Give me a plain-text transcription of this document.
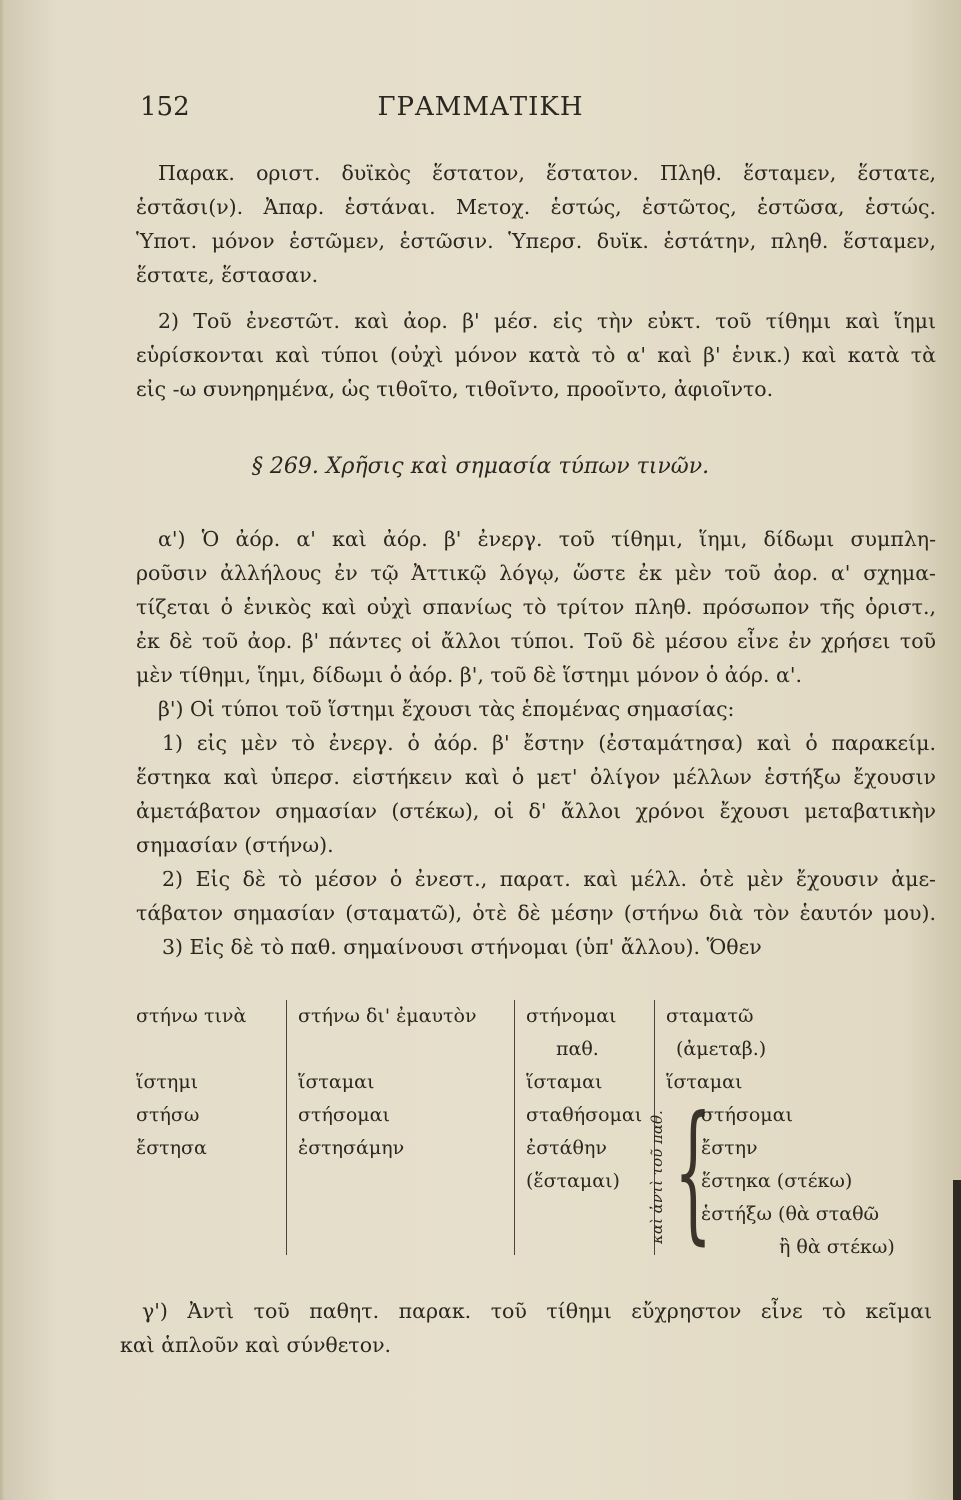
ΓΡΑΜΜΑΤΙΚΗ
152
Παρακ. οριστ. δυϊκὸς ἕστατον, ἕστατον. Πληθ. ἕσταμεν, ἕστατε,
ἑστᾶσι(ν). Ἀπαρ. ἑστάναι. Μετοχ. ἑστώς, ἑστῶτος, ἑστῶσα, ἑστώς.
Ὑποτ. μόνον ἑστῶμεν, ἑστῶσιν. Ὑπερσ. δυϊκ. ἑστάτην, πληθ. ἕσταμεν,
ἕστατε, ἕστασαν.
2) Τοῦ ἐνεστῶτ. καὶ ἀορ. β' μέσ. εἰς τὴν εὐκτ. τοῦ τίθημι καὶ ἵημι
εὑρίσκονται καὶ τύποι (οὐχὶ μόνον κατὰ τὸ α' καὶ β' ἑνικ.) καὶ κατὰ τὰ
εἰς -ω συνηρημένα, ὡς τιθοῖτο, τιθοῖντο, προοῖντο, ἀφιοῖντο.
§ 269. Χρῆσις καὶ σημασία τύπων τινῶν.
α') Ὁ ἀόρ. α' καὶ ἀόρ. β' ἐνεργ. τοῦ τίθημι, ἵημι, δίδωμι συμπλη-
ροῦσιν ἀλλήλους ἐν τῷ Ἀττικῷ λόγῳ, ὥστε ἐκ μὲν τοῦ ἀορ. α' σχημα-
τίζεται ὁ ἑνικὸς καὶ οὐχὶ σπανίως τὸ τρίτον πληθ. πρόσωπον τῆς ὁριστ.,
ἐκ δὲ τοῦ ἀορ. β' πάντες οἱ ἄλλοι τύποι. Τοῦ δὲ μέσου εἶνε ἐν χρήσει τοῦ
μὲν τίθημι, ἵημι, δίδωμι ὁ ἀόρ. β', τοῦ δὲ ἵστημι μόνον ὁ ἀόρ. α'.
β') Οἱ τύποι τοῦ ἵστημι ἔχουσι τὰς ἑπομένας σημασίας:
1) εἰς μὲν τὸ ἐνεργ. ὁ ἀόρ. β' ἔστην (ἐσταμάτησα) καὶ ὁ παρακείμ.
ἕστηκα καὶ ὑπερσ. εἱστήκειν καὶ ὁ μετ' ὀλίγον μέλλων ἑστήξω ἔχουσιν
ἀμετάβατον σημασίαν (στέκω), οἱ δ' ἄλλοι χρόνοι ἔχουσι μεταβατικὴν
σημασίαν (στήνω).
2) Εἰς δὲ τὸ μέσον ὁ ἐνεστ., παρατ. καὶ μέλλ. ὁτὲ μὲν ἔχουσιν ἀμε-
τάβατον σημασίαν (σταματῶ), ὁτὲ δὲ μέσην (στήνω διὰ τὸν ἑαυτόν μου).
3) Εἰς δὲ τὸ παθ. σημαίνουσι στήνομαι (ὑπ' ἄλλου). Ὅθεν
στήνω τινὰ
ἵστημι
στήσω
ἔστησα
στήνω δι' ἐμαυτὸν
ἵσταμαι
στήσομαι
ἐστησάμην
στήνομαι
παθ.
ἵσταμαι
σταθήσομαι
ἐστάθην
(ἕσταμαι)
σταματῶ
(ἀμεταβ.)
ἵσταμαι
καὶ ἀντὶ τοῦ παθ. {
στήσομαι
ἔστην
ἕστηκα (στέκω)
ἑστήξω (θὰ σταθῶ
ἢ θὰ στέκω)
γ') Ἀντὶ τοῦ παθητ. παρακ. τοῦ τίθημι εὔχρηστον εἶνε τὸ κεῖμαι
καὶ ἁπλοῦν καὶ σύνθετον.
